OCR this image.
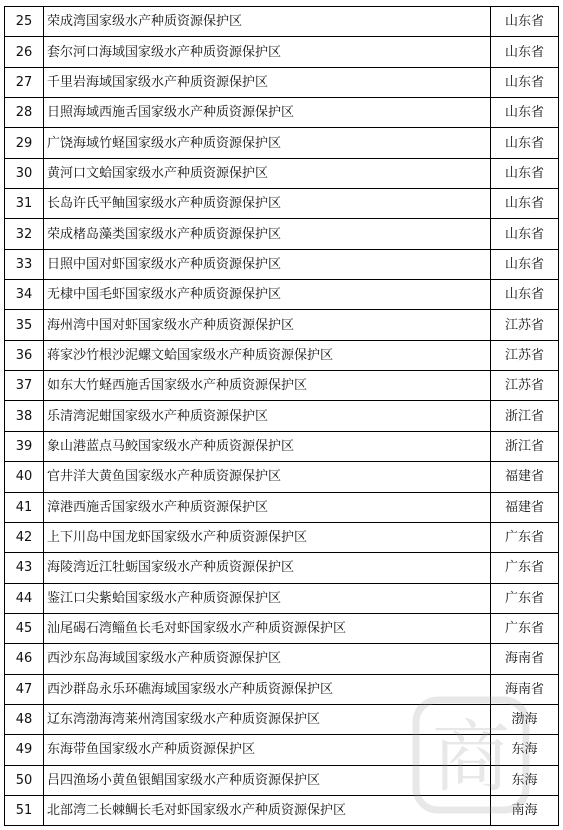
25	荣成湾国家级水产种质资源保护区	山东省
26	套尔河口海域国家级水产种质资源保护区	山东省
27	千里岩海域国家级水产种质资源保护区	山东省
28	日照海域西施舌国家级水产种质资源保护区	山东省
29	广饶海域竹蛏国家级水产种质资源保护区	山东省
30	黄河口文蛤国家级水产种质资源保护区	山东省
31	长岛许氏平鲉国家级水产种质资源保护区	山东省
32	荣成楮岛藻类国家级水产种质资源保护区	山东省
33	日照中国对虾国家级水产种质资源保护区	山东省
34	无棣中国毛虾国家级水产种质资源保护区	山东省
35	海州湾中国对虾国家级水产种质资源保护区	江苏省
36	蒋家沙竹根沙泥螺文蛤国家级水产种质资源保护区	江苏省
37	如东大竹蛏西施舌国家级水产种质资源保护区	江苏省
38	乐清湾泥蚶国家级水产种质资源保护区	浙江省
39	象山港蓝点马鲛国家级水产种质资源保护区	浙江省
40	官井洋大黄鱼国家级水产种质资源保护区	福建省
41	漳港西施舌国家级水产种质资源保护区	福建省
42	上下川岛中国龙虾国家级水产种质资源保护区	广东省
43	海陵湾近江牡蛎国家级水产种质资源保护区	广东省
44	鉴江口尖紫蛤国家级水产种质资源保护区	广东省
45	汕尾碣石湾鲻鱼长毛对虾国家级水产种质资源保护区	广东省
46	西沙东岛海域国家级水产种质资源保护区	海南省
47	西沙群岛永乐环礁海域国家级水产种质资源保护区	海南省
48	辽东湾渤海湾莱州湾国家级水产种质资源保护区	渤海
49	东海带鱼国家级水产种质资源保护区	东海
50	吕四渔场小黄鱼银鲳国家级水产种质资源保护区	东海
51	北部湾二长棘鲷长毛对虾国家级水产种质资源保护区	南海
商
